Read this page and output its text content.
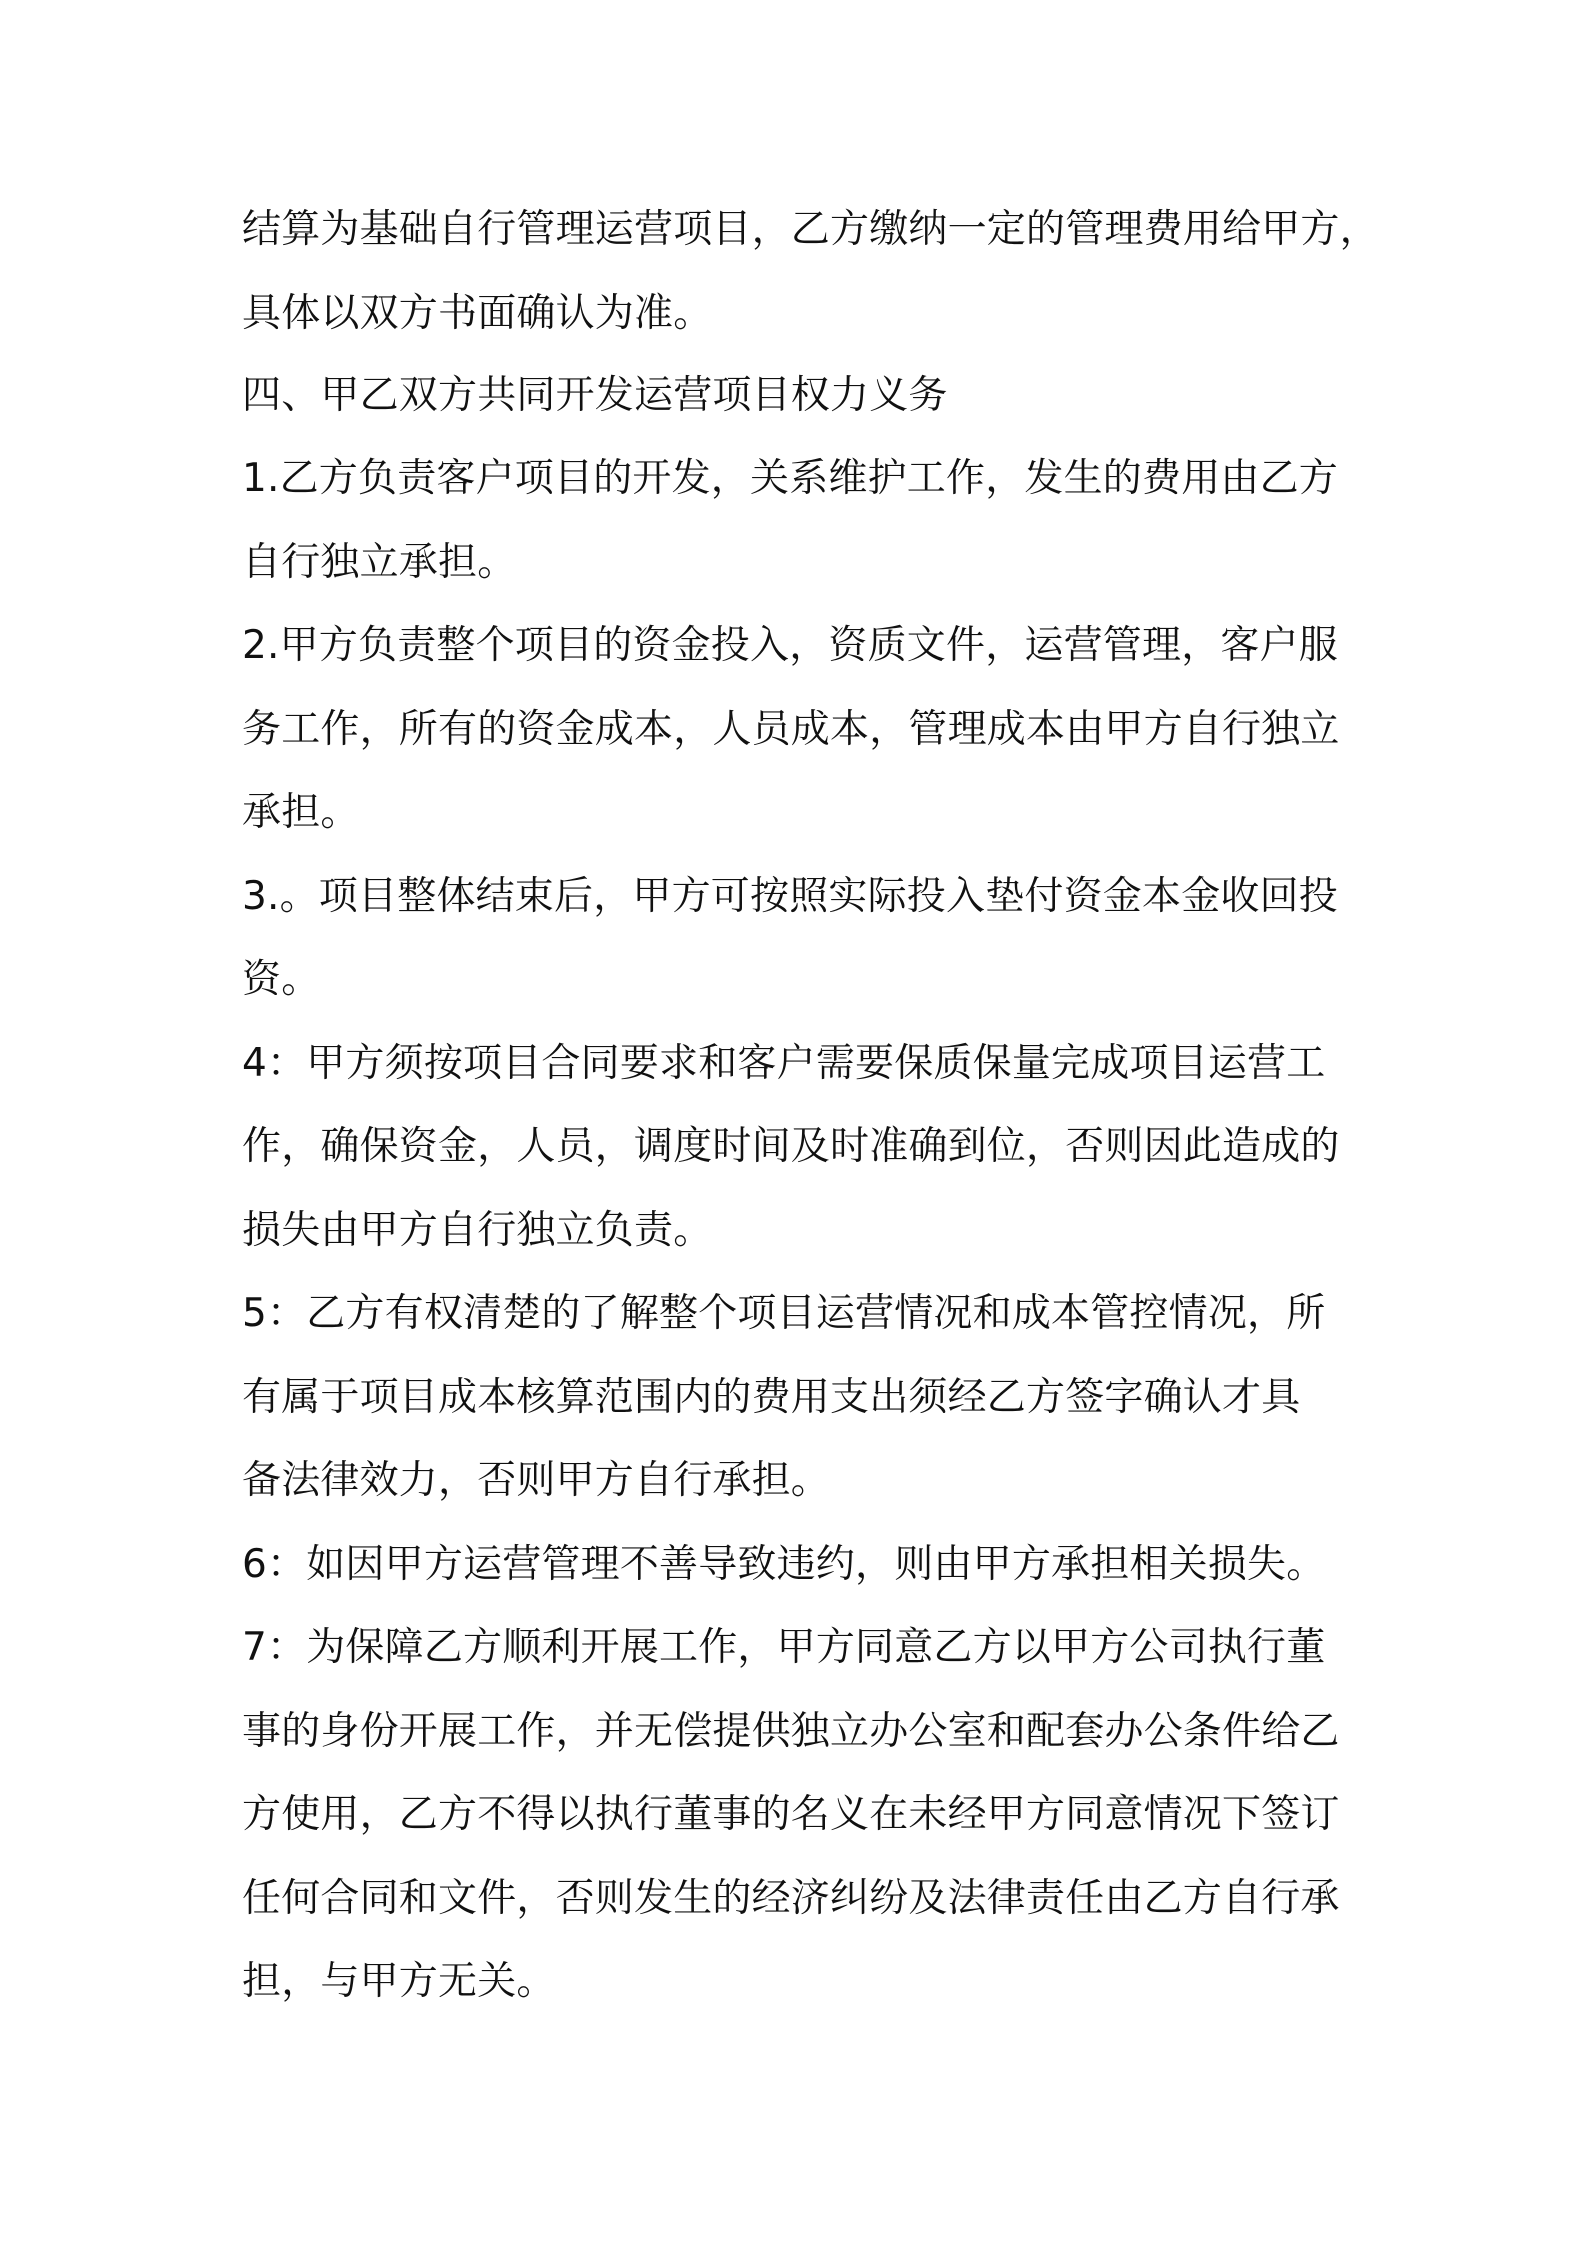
结算为基础自行管理运营项目，乙方缴纳一定的管理费用给甲方，
具体以双方书面确认为准。
四、甲乙双方共同开发运营项目权力义务
1.乙方负责客户项目的开发，关系维护工作，发生的费用由乙方
自行独立承担。
2.甲方负责整个项目的资金投入，资质文件，运营管理，客户服
务工作，所有的资金成本，人员成本，管理成本由甲方自行独立
承担。
3.。项目整体结束后，甲方可按照实际投入垫付资金本金收回投
资。
4：甲方须按项目合同要求和客户需要保质保量完成项目运营工
作，确保资金，人员，调度时间及时准确到位，否则因此造成的
损失由甲方自行独立负责。
5：乙方有权清楚的了解整个项目运营情况和成本管控情况，所
有属于项目成本核算范围内的费用支出须经乙方签字确认才具
备法律效力，否则甲方自行承担。
6：如因甲方运营管理不善导致违约，则由甲方承担相关损失。
7：为保障乙方顺利开展工作，甲方同意乙方以甲方公司执行董
事的身份开展工作，并无偿提供独立办公室和配套办公条件给乙
方使用，乙方不得以执行董事的名义在未经甲方同意情况下签订
任何合同和文件，否则发生的经济纠纷及法律责任由乙方自行承
担，与甲方无关。
